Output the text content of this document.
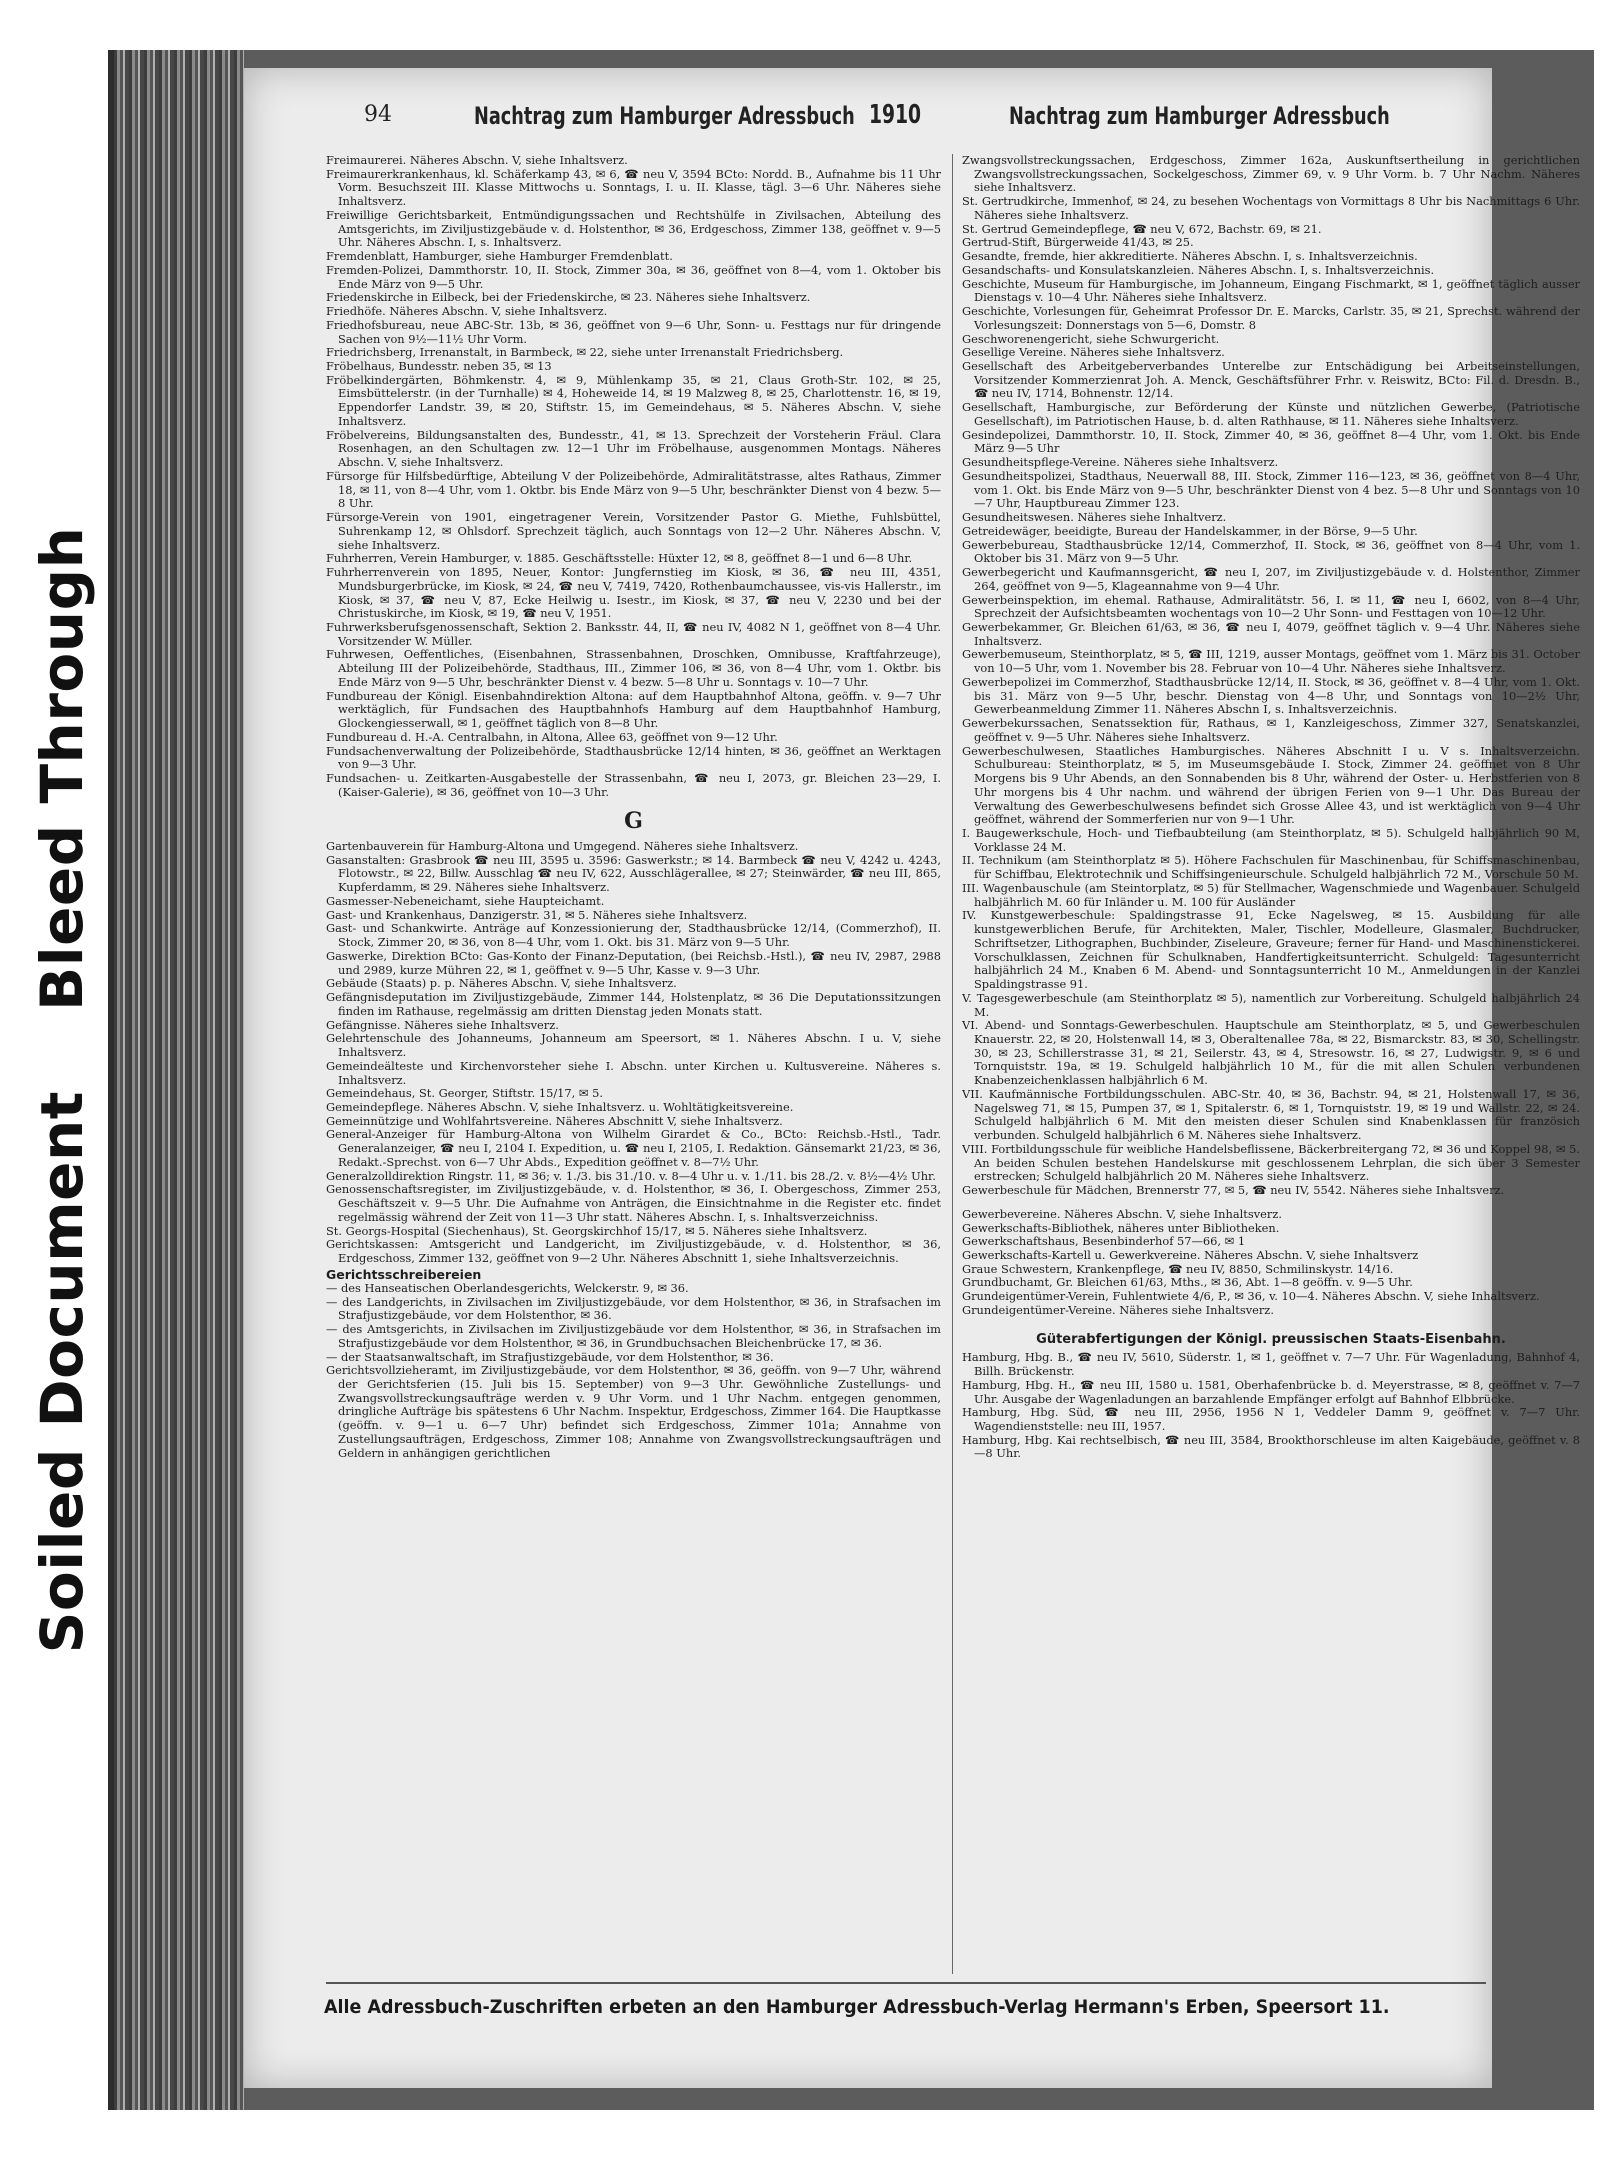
Soiled DocumentBleed Through
94	Nachtrag zum Hamburger Adressbuch 1910	Nachtrag zum Hamburger Adressbuch

Freimaurerei. Näheres Abschn. V, siehe Inhaltsverz.

Freimaurerkrankenhaus, kl. Schäferkamp 43, ✉ 6, ☎ neu V, 3594 BCto: Nordd. B., Aufnahme bis 11 Uhr Vorm. Besuchszeit III. Klasse Mittwochs u. Sonntags, I. u. II. Klasse, tägl. 3—6 Uhr. Näheres siehe Inhaltsverz.

Freiwillige Gerichtsbarkeit, Entmündigungssachen und Rechtshülfe in Zivilsachen, Abteilung des Amtsgerichts, im Ziviljustizgebäude v. d. Holstenthor, ✉ 36, Erdgeschoss, Zimmer 138, geöffnet v. 9—5 Uhr. Näheres Abschn. I, s. Inhaltsverz.

Fremdenblatt, Hamburger, siehe Hamburger Fremdenblatt.

Fremden-Polizei, Dammthorstr. 10, II. Stock, Zimmer 30a, ✉ 36, geöffnet von 8—4, vom 1. Oktober bis Ende März von 9—5 Uhr.

Friedenskirche in Eilbeck, bei der Friedenskirche, ✉ 23. Näheres siehe Inhaltsverz.

Friedhöfe. Näheres Abschn. V, siehe Inhaltsverz.

Friedhofsbureau, neue ABC-Str. 13b, ✉ 36, geöffnet von 9—6 Uhr, Sonn- u. Festtags nur für dringende Sachen von 9½—11½ Uhr Vorm.

Friedrichsberg, Irrenanstalt, in Barmbeck, ✉ 22, siehe unter Irrenanstalt Friedrichsberg.

Fröbelhaus, Bundesstr. neben 35, ✉ 13

Fröbelkindergärten, Böhmkenstr. 4, ✉ 9, Mühlenkamp 35, ✉ 21, Claus Groth-Str. 102, ✉ 25, Eimsbüttelerstr. (in der Turnhalle) ✉ 4, Hoheweide 14, ✉ 19 Malzweg 8, ✉ 25, Charlottenstr. 16, ✉ 19, Eppendorfer Landstr. 39, ✉ 20, Stiftstr. 15, im Gemeindehaus, ✉ 5. Näheres Abschn. V, siehe Inhaltsverz.

Fröbelvereins, Bildungsanstalten des, Bundesstr., 41, ✉ 13. Sprechzeit der Vorsteherin Fräul. Clara Rosenhagen, an den Schultagen zw. 12—1 Uhr im Fröbelhause, ausgenommen Montags. Näheres Abschn. V, siehe Inhaltsverz.

Fürsorge für Hilfsbedürftige, Abteilung V der Polizeibehörde, Admiralitätstrasse, altes Rathaus, Zimmer 18, ✉ 11, von 8—4 Uhr, vom 1. Oktbr. bis Ende März von 9—5 Uhr, beschränkter Dienst von 4 bezw. 5—8 Uhr.

Fürsorge-Verein von 1901, eingetragener Verein, Vorsitzender Pastor G. Miethe, Fuhlsbüttel, Suhrenkamp 12, ✉ Ohlsdorf. Sprechzeit täglich, auch Sonntags von 12—2 Uhr. Näheres Abschn. V, siehe Inhaltsverz.

Fuhrherren, Verein Hamburger, v. 1885. Geschäftsstelle: Hüxter 12, ✉ 8, geöffnet 8—1 und 6—8 Uhr.

Fuhrherrenverein von 1895, Neuer, Kontor: Jungfernstieg im Kiosk, ✉ 36, ☎ neu III, 4351, Mundsburgerbrücke, im Kiosk, ✉ 24, ☎ neu V, 7419, 7420, Rothenbaumchaussee, vis-vis Hallerstr., im Kiosk, ✉ 37, ☎ neu V, 87, Ecke Heilwig u. Isestr., im Kiosk, ✉ 37, ☎ neu V, 2230 und bei der Christuskirche, im Kiosk, ✉ 19, ☎ neu V, 1951.

Fuhrwerksberufsgenossenschaft, Sektion 2. Banksstr. 44, II, ☎ neu IV, 4082 N 1, geöffnet von 8—4 Uhr. Vorsitzender W. Müller.

Fuhrwesen, Oeffentliches, (Eisenbahnen, Strassenbahnen, Droschken, Omnibusse, Kraftfahrzeuge), Abteilung III der Polizeibehörde, Stadthaus, III., Zimmer 106, ✉ 36, von 8—4 Uhr, vom 1. Oktbr. bis Ende März von 9—5 Uhr, beschränkter Dienst v. 4 bezw. 5—8 Uhr u. Sonntags v. 10—7 Uhr.

Fundbureau der Königl. Eisenbahndirektion Altona: auf dem Hauptbahnhof Altona, geöffn. v. 9—7 Uhr werktäglich, für Fundsachen des Hauptbahnhofs Hamburg auf dem Hauptbahnhof Hamburg, Glockengiesserwall, ✉ 1, geöffnet täglich von 8—8 Uhr.

Fundbureau d. H.-A. Centralbahn, in Altona, Allee 63, geöffnet von 9—12 Uhr.

Fundsachenverwaltung der Polizeibehörde, Stadthausbrücke 12/14 hinten, ✉ 36, geöffnet an Werktagen von 9—3 Uhr.

Fundsachen- u. Zeitkarten-Ausgabestelle der Strassenbahn, ☎ neu I, 2073, gr. Bleichen 23—29, I. (Kaiser-Galerie), ✉ 36, geöffnet von 10—3 Uhr.

G

Gartenbauverein für Hamburg-Altona und Umgegend. Näheres siehe Inhaltsverz.

Gasanstalten: Grasbrook ☎ neu III, 3595 u. 3596: Gaswerkstr.; ✉ 14. Barmbeck ☎ neu V, 4242 u. 4243, Flotowstr., ✉ 22, Billw. Ausschlag ☎ neu IV, 622, Ausschlägerallee, ✉ 27; Steinwärder, ☎ neu III, 865, Kupferdamm, ✉ 29. Näheres siehe Inhaltsverz.

Gasmesser-Nebeneichamt, siehe Haupteichamt.

Gast- und Krankenhaus, Danzigerstr. 31, ✉ 5. Näheres siehe Inhaltsverz.

Gast- und Schankwirte. Anträge auf Konzessionierung der, Stadthausbrücke 12/14, (Commerzhof), II. Stock, Zimmer 20, ✉ 36, von 8—4 Uhr, vom 1. Okt. bis 31. März von 9—5 Uhr.

Gaswerke, Direktion BCto: Gas-Konto der Finanz-Deputation, (bei Reichsb.-Hstl.), ☎ neu IV, 2987, 2988 und 2989, kurze Mühren 22, ✉ 1, geöffnet v. 9—5 Uhr, Kasse v. 9—3 Uhr.

Gebäude (Staats) p. p. Näheres Abschn. V, siehe Inhaltsverz.

Gefängnisdeputation im Ziviljustizgebäude, Zimmer 144, Holstenplatz, ✉ 36 Die Deputationssitzungen finden im Rathause, regelmässig am dritten Dienstag jeden Monats statt.

Gefängnisse. Näheres siehe Inhaltsverz.

Gelehrtenschule des Johanneums, Johanneum am Speersort, ✉ 1. Näheres Abschn. I u. V, siehe Inhaltsverz.

Gemeindeälteste und Kirchenvorsteher siehe I. Abschn. unter Kirchen u. Kultusvereine. Näheres s. Inhaltsverz.

Gemeindehaus, St. Georger, Stiftstr. 15/17, ✉ 5.

Gemeindepflege. Näheres Abschn. V, siehe Inhaltsverz. u. Wohltätigkeitsvereine.

Gemeinnützige und Wohlfahrtsvereine. Näheres Abschnitt V, siehe Inhaltsverz.

General-Anzeiger für Hamburg-Altona von Wilhelm Girardet & Co., BCto: Reichsb.-Hstl., Tadr. Generalanzeiger, ☎ neu I, 2104 I. Expedition, u. ☎ neu I, 2105, I. Redaktion. Gänsemarkt 21/23, ✉ 36, Redakt.-Sprechst. von 6—7 Uhr Abds., Expedition geöffnet v. 8—7½ Uhr.

Generalzolldirektion Ringstr. 11, ✉ 36; v. 1./3. bis 31./10. v. 8—4 Uhr u. v. 1./11. bis 28./2. v. 8½—4½ Uhr.

Genossenschaftsregister, im Ziviljustizgebäude, v. d. Holstenthor, ✉ 36, I. Obergeschoss, Zimmer 253, Geschäftszeit v. 9—5 Uhr. Die Aufnahme von Anträgen, die Einsichtnahme in die Register etc. findet regelmässig während der Zeit von 11—3 Uhr statt. Näheres Abschn. I, s. Inhaltsverzeichniss.

St. Georgs-Hospital (Siechenhaus), St. Georgskirchhof 15/17, ✉ 5. Näheres siehe Inhaltsverz.

Gerichtskassen: Amtsgericht und Landgericht, im Ziviljustizgebäude, v. d. Holstenthor, ✉ 36, Erdgeschoss, Zimmer 132, geöffnet von 9—2 Uhr. Näheres Abschnitt 1, siehe Inhaltsverzeichnis.

Gerichtsschreibereien

— des Hanseatischen Oberlandesgerichts, Welckerstr. 9, ✉ 36.

— des Landgerichts, in Zivilsachen im Ziviljustizgebäude, vor dem Holstenthor, ✉ 36, in Strafsachen im Strafjustizgebäude, vor dem Holstenthor, ✉ 36.

— des Amtsgerichts, in Zivilsachen im Ziviljustizgebäude vor dem Holstenthor, ✉ 36, in Strafsachen im Strafjustizgebäude vor dem Holstenthor, ✉ 36, in Grundbuchsachen Bleichenbrücke 17, ✉ 36.

— der Staatsanwaltschaft, im Strafjustizgebäude, vor dem Holstenthor, ✉ 36.

Gerichtsvollzieheramt, im Ziviljustizgebäude, vor dem Holstenthor, ✉ 36, geöffn. von 9—7 Uhr, während der Gerichtsferien (15. Juli bis 15. September) von 9—3 Uhr. Gewöhnliche Zustellungs- und Zwangsvollstreckungsaufträge werden v. 9 Uhr Vorm. und 1 Uhr Nachm. entgegen genommen, dringliche Aufträge bis spätestens 6 Uhr Nachm. Inspektur, Erdgeschoss, Zimmer 164. Die Hauptkasse (geöffn. v. 9—1 u. 6—7 Uhr) befindet sich Erdgeschoss, Zimmer 101a; Annahme von Zustellungsaufträgen, Erdgeschoss, Zimmer 108; Annahme von Zwangsvollstreckungsaufträgen und Geldern in anhängigen gerichtlichen

Zwangsvollstreckungssachen, Erdgeschoss, Zimmer 162a, Auskunftsertheilung in gerichtlichen Zwangsvollstreckungssachen, Sockelgeschoss, Zimmer 69, v. 9 Uhr Vorm. b. 7 Uhr Nachm. Näheres siehe Inhaltsverz.

St. Gertrudkirche, Immenhof, ✉ 24, zu besehen Wochentags von Vormittags 8 Uhr bis Nachmittags 6 Uhr. Näheres siehe Inhaltsverz.

St. Gertrud Gemeindepflege, ☎ neu V, 672, Bachstr. 69, ✉ 21.

Gertrud-Stift, Bürgerweide 41/43, ✉ 25.

Gesandte, fremde, hier akkreditierte. Näheres Abschn. I, s. Inhaltsverzeichnis.

Gesandschafts- und Konsulatskanzleien. Näheres Abschn. I, s. Inhaltsverzeichnis.

Geschichte, Museum für Hamburgische, im Johanneum, Eingang Fischmarkt, ✉ 1, geöffnet täglich ausser Dienstags v. 10—4 Uhr. Näheres siehe Inhaltsverz.

Geschichte, Vorlesungen für, Geheimrat Professor Dr. E. Marcks, Carlstr. 35, ✉ 21, Sprechst. während der Vorlesungszeit: Donnerstags von 5—6, Domstr. 8

Geschworenengericht, siehe Schwurgericht.

Gesellige Vereine. Näheres siehe Inhaltsverz.

Gesellschaft des Arbeitgeberverbandes Unterelbe zur Entschädigung bei Arbeitseinstellungen, Vorsitzender Kommerzienrat Joh. A. Menck, Geschäftsführer Frhr. v. Reiswitz, BCto: Fil. d. Dresdn. B., ☎ neu IV, 1714, Bohnenstr. 12/14.

Gesellschaft, Hamburgische, zur Beförderung der Künste und nützlichen Gewerbe, (Patriotische Gesellschaft), im Patriotischen Hause, b. d. alten Rathhause, ✉ 11. Näheres siehe Inhaltsverz.

Gesindepolizei, Dammthorstr. 10, II. Stock, Zimmer 40, ✉ 36, geöffnet 8—4 Uhr, vom 1. Okt. bis Ende März 9—5 Uhr

Gesundheitspflege-Vereine. Näheres siehe Inhaltsverz.

Gesundheitspolizei, Stadthaus, Neuerwall 88, III. Stock, Zimmer 116—123, ✉ 36, geöffnet von 8—4 Uhr, vom 1. Okt. bis Ende März von 9—5 Uhr, beschränkter Dienst von 4 bez. 5—8 Uhr und Sonntags von 10—7 Uhr, Hauptbureau Zimmer 123.

Gesundheitswesen. Näheres siehe Inhaltverz.

Getreidewäger, beeidigte, Bureau der Handelskammer, in der Börse, 9—5 Uhr.

Gewerbebureau, Stadthausbrücke 12/14, Commerzhof, II. Stock, ✉ 36, geöffnet von 8—4 Uhr, vom 1. Oktober bis 31. März von 9—5 Uhr.

Gewerbegericht und Kaufmannsgericht, ☎ neu I, 207, im Ziviljustizgebäude v. d. Holstenthor, Zimmer 264, geöffnet von 9—5, Klageannahme von 9—4 Uhr.

Gewerbeinspektion, im ehemal. Rathause, Admiralitätstr. 56, I. ✉ 11, ☎ neu I, 6602, von 8—4 Uhr, Sprechzeit der Aufsichtsbeamten wochentags von 10—2 Uhr Sonn- und Festtagen von 10—12 Uhr.

Gewerbekammer, Gr. Bleichen 61/63, ✉ 36, ☎ neu I, 4079, geöffnet täglich v. 9—4 Uhr. Näheres siehe Inhaltsverz.

Gewerbemuseum, Steinthorplatz, ✉ 5, ☎ III, 1219, ausser Montags, geöffnet vom 1. März bis 31. October von 10—5 Uhr, vom 1. November bis 28. Februar von 10—4 Uhr. Näheres siehe Inhaltsverz.

Gewerbepolizei im Commerzhof, Stadthausbrücke 12/14, II. Stock, ✉ 36, geöffnet v. 8—4 Uhr, vom 1. Okt. bis 31. März von 9—5 Uhr, beschr. Dienstag von 4—8 Uhr, und Sonntags von 10—2½ Uhr, Gewerbeanmeldung Zimmer 11. Näheres Abschn I, s. Inhaltsverzeichnis.

Gewerbekurssachen, Senatssektion für, Rathaus, ✉ 1, Kanzleigeschoss, Zimmer 327, Senatskanzlei, geöffnet v. 9—5 Uhr. Näheres siehe Inhaltsverz.

Gewerbeschulwesen, Staatliches Hamburgisches. Näheres Abschnitt I u. V s. Inhaltsverzeichn. Schulbureau: Steinthorplatz, ✉ 5, im Museumsgebäude I. Stock, Zimmer 24. geöffnet von 8 Uhr Morgens bis 9 Uhr Abends, an den Sonnabenden bis 8 Uhr, während der Oster- u. Herbstferien von 8 Uhr morgens bis 4 Uhr nachm. und während der übrigen Ferien von 9—1 Uhr. Das Bureau der Verwaltung des Gewerbeschulwesens befindet sich Grosse Allee 43, und ist werktäglich von 9—4 Uhr geöffnet, während der Sommerferien nur von 9—1 Uhr.

I. Baugewerkschule, Hoch- und Tiefbaubteilung (am Steinthorplatz, ✉ 5). Schulgeld halbjährlich 90 M, Vorklasse 24 M.

II. Technikum (am Steinthorplatz ✉ 5). Höhere Fachschulen für Maschinenbau, für Schiffsmaschinenbau, für Schiffbau, Elektrotechnik und Schiffsingenieurschule. Schulgeld halbjährlich 72 M., Vorschule 50 M.

III. Wagenbauschule (am Steintorplatz, ✉ 5) für Stellmacher, Wagenschmiede und Wagenbauer. Schulgeld halbjährlich M. 60 für Inländer u. M. 100 für Ausländer

IV. Kunstgewerbeschule: Spaldingstrasse 91, Ecke Nagelsweg, ✉ 15. Ausbildung für alle kunstgewerblichen Berufe, für Architekten, Maler, Tischler, Modelleure, Glasmaler, Buchdrucker, Schriftsetzer, Lithographen, Buchbinder, Ziseleure, Graveure; ferner für Hand- und Maschinenstickerei. Vorschulklassen, Zeichnen für Schulknaben, Handfertigkeitsunterricht. Schulgeld: Tagesunterricht halbjährlich 24 M., Knaben 6 M. Abend- und Sonntagsunterricht 10 M., Anmeldungen in der Kanzlei Spaldingstrasse 91.

V. Tagesgewerbeschule (am Steinthorplatz ✉ 5), namentlich zur Vorbereitung. Schulgeld halbjährlich 24 M.

VI. Abend- und Sonntags-Gewerbeschulen. Hauptschule am Steinthorplatz, ✉ 5, und Gewerbeschulen Knauerstr. 22, ✉ 20, Holstenwall 14, ✉ 3, Oberaltenallee 78a, ✉ 22, Bismarckstr. 83, ✉ 30, Schellingstr. 30, ✉ 23, Schillerstrasse 31, ✉ 21, Seilerstr. 43, ✉ 4, Stresowstr. 16, ✉ 27, Ludwigstr. 9, ✉ 6 und Tornquiststr. 19a, ✉ 19. Schulgeld halbjährlich 10 M., für die mit allen Schulen verbundenen Knabenzeichenklassen halbjährlich 6 M.

VII. Kaufmännische Fortbildungsschulen. ABC-Str. 40, ✉ 36, Bachstr. 94, ✉ 21, Holstenwall 17, ✉ 36, Nagelsweg 71, ✉ 15, Pumpen 37, ✉ 1, Spitalerstr. 6, ✉ 1, Tornquiststr. 19, ✉ 19 und Wallstr. 22, ✉ 24. Schulgeld halbjährlich 6 M. Mit den meisten dieser Schulen sind Knabenklassen für französich verbunden. Schulgeld halbjährlich 6 M. Näheres siehe Inhaltsverz.

VIII. Fortbildungsschule für weibliche Handelsbeflissene, Bäckerbreitergang 72, ✉ 36 und Koppel 98, ✉ 5. An beiden Schulen bestehen Handelskurse mit geschlossenem Lehrplan, die sich über 3 Semester erstrecken; Schulgeld halbjährlich 20 M. Näheres siehe Inhaltsverz.

Gewerbeschule für Mädchen, Brennerstr 77, ✉ 5, ☎ neu IV, 5542. Näheres siehe Inhaltsverz.

Gewerbevereine. Näheres Abschn. V, siehe Inhaltsverz.

Gewerkschafts-Bibliothek, näheres unter Bibliotheken.

Gewerkschaftshaus, Besenbinderhof 57—66, ✉ 1

Gewerkschafts-Kartell u. Gewerkvereine. Näheres Abschn. V, siehe Inhaltsverz

Graue Schwestern, Krankenpflege, ☎ neu IV, 8850, Schmilinskystr. 14/16.

Grundbuchamt, Gr. Bleichen 61/63, Mths., ✉ 36, Abt. 1—8 geöffn. v. 9—5 Uhr.

Grundeigentümer-Verein, Fuhlentwiete 4/6, P., ✉ 36, v. 10—4. Näheres Abschn. V, siehe Inhaltsverz.

Grundeigentümer-Vereine. Näheres siehe Inhaltsverz.

Güterabfertigungen der Königl. preussischen Staats-Eisenbahn.

Hamburg, Hbg. B., ☎ neu IV, 5610, Süderstr. 1, ✉ 1, geöffnet v. 7—7 Uhr. Für Wagenladung, Bahnhof 4, Billh. Brückenstr.

Hamburg, Hbg. H., ☎ neu III, 1580 u. 1581, Oberhafenbrücke b. d. Meyerstrasse, ✉ 8, geöffnet v. 7—7 Uhr. Ausgabe der Wagenladungen an barzahlende Empfänger erfolgt auf Bahnhof Elbbrücke.

Hamburg, Hbg. Süd, ☎ neu III, 2956, 1956 N 1, Veddeler Damm 9, geöffnet v. 7—7 Uhr. Wagendienststelle: neu III, 1957.

Hamburg, Hbg. Kai rechtselbisch, ☎ neu III, 3584, Brookthorschleuse im alten Kaigebäude, geöffnet v. 8—8 Uhr.

Alle Adressbuch-Zuschriften erbeten an den Hamburger Adressbuch-Verlag Hermann's Erben, Speersort 11.
